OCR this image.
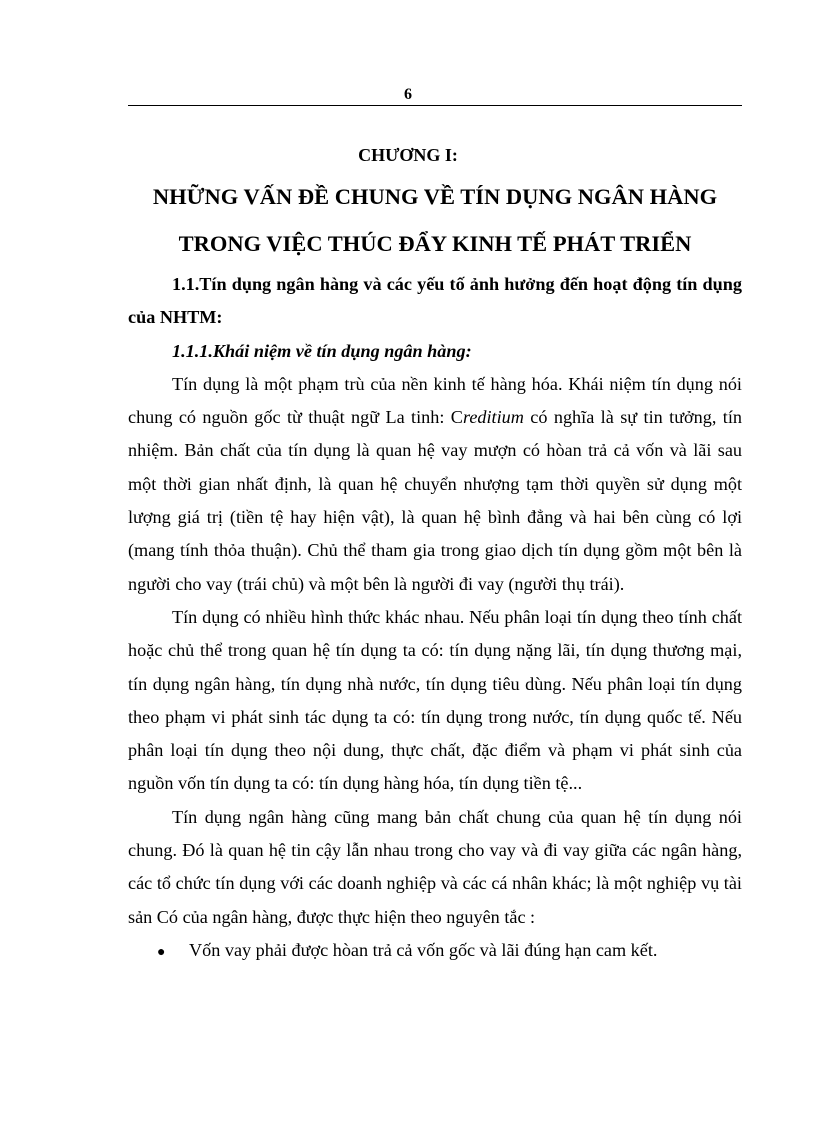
6
CHƯƠNG I:
NHỮNG VẤN ĐỀ CHUNG VỀ TÍN DỤNG NGÂN HÀNG
TRONG VIỆC THÚC ĐẨY KINH TẾ PHÁT TRIỂN

1.1.Tín dụng ngân hàng và các yếu tố ảnh hưởng đến hoạt động tín dụng của NHTM:

1.1.1.Khái niệm về tín dụng ngân hàng:

Tín dụng là một phạm trù của nền kinh tế hàng hóa. Khái niệm tín dụng nói chung có nguồn gốc từ thuật ngữ La tinh: Creditium có nghĩa là sự tin tưởng, tín nhiệm. Bản chất của tín dụng là quan hệ vay mượn có hòan trả cả vốn và lãi sau một thời gian nhất định, là quan hệ chuyển nhượng tạm thời quyền sử dụng một lượng giá trị (tiền tệ hay hiện vật), là quan hệ bình đẳng và hai bên cùng có lợi (mang tính thỏa thuận). Chủ thể tham gia trong giao dịch tín dụng gồm một bên là người cho vay (trái chủ) và một bên là người đi vay (người thụ trái).

Tín dụng có nhiều hình thức khác nhau. Nếu phân loại tín dụng theo tính chất hoặc chủ thể trong quan hệ tín dụng ta có: tín dụng nặng lãi, tín dụng thương mại, tín dụng ngân hàng, tín dụng nhà nước, tín dụng tiêu dùng. Nếu phân loại tín dụng theo phạm vi phát sinh tác dụng ta có: tín dụng trong nước, tín dụng quốc tế. Nếu phân loại tín dụng theo nội dung, thực chất, đặc điểm và phạm vi phát sinh của nguồn vốn tín dụng ta có: tín dụng hàng hóa, tín dụng tiền tệ...

Tín dụng ngân hàng cũng mang bản chất chung của quan hệ tín dụng nói chung. Đó là quan hệ tin cậy lẫn nhau trong cho vay và đi vay giữa các ngân hàng, các tổ chức tín dụng với các doanh nghiệp và các cá nhân khác; là một nghiệp vụ tài sản Có của ngân hàng, được thực hiện theo nguyên tắc :

●	Vốn vay phải được hòan trả cả vốn gốc và lãi đúng hạn cam kết.
